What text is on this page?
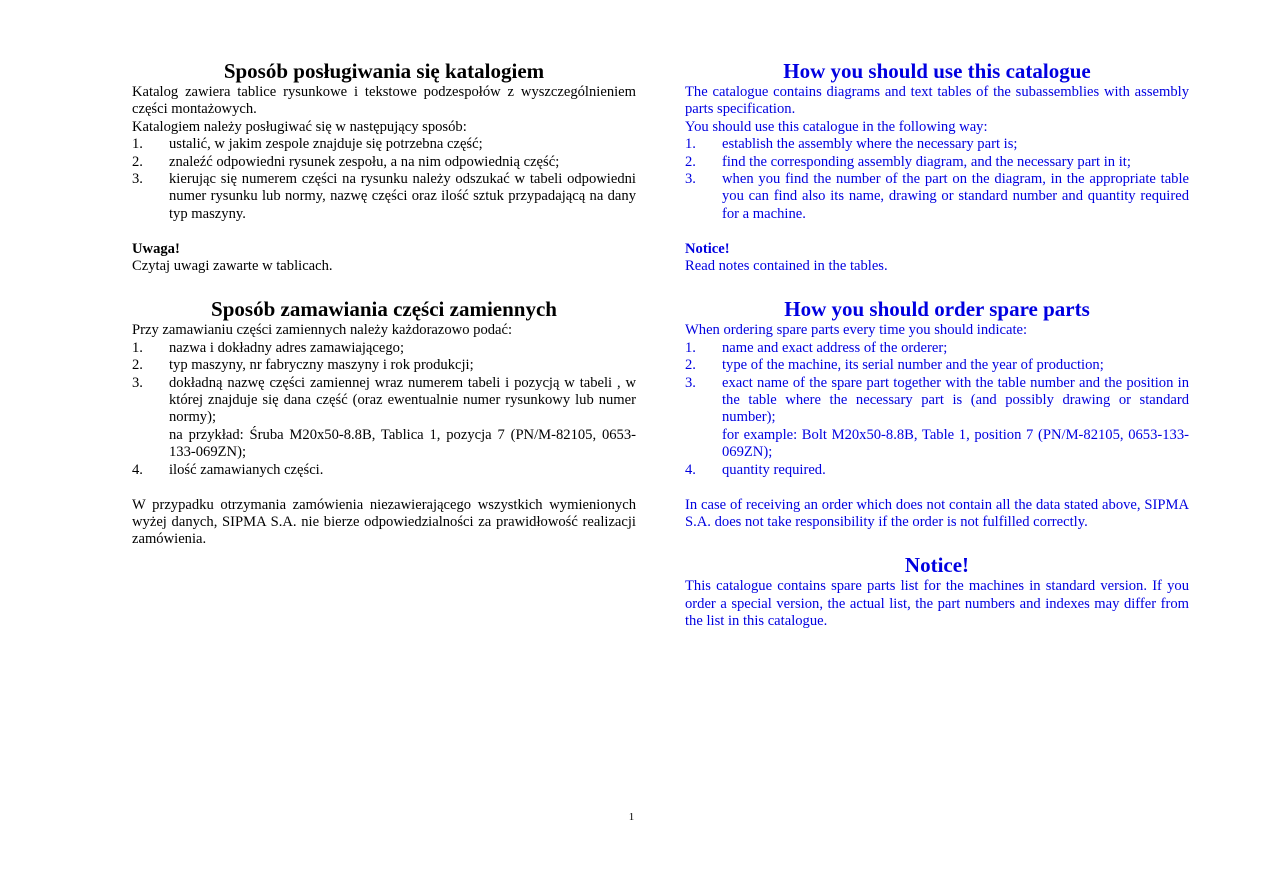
Sposób posługiwania się katalogiem

Katalog zawiera tablice rysunkowe i tekstowe podzespołów z wyszczególnieniem części montażowych.

Katalogiem należy posługiwać się w następujący sposób:

1. ustalić, w jakim zespole znajduje się potrzebna część;
2. znaleźć odpowiedni rysunek zespołu, a na nim odpowiednią część;
3. kierując się numerem części na rysunku należy odszukać w tabeli odpowiedni numer rysunku lub normy, nazwę części oraz ilość sztuk przypadającą na dany typ maszyny.

Uwaga!

Czytaj uwagi zawarte w tablicach.

Sposób zamawiania części zamiennych

Przy zamawianiu części zamiennych należy każdorazowo podać:

1. nazwa i dokładny adres zamawiającego;
2. typ maszyny, nr fabryczny maszyny i rok produkcji;
3. dokładną nazwę części zamiennej wraz numerem tabeli i pozycją w tabeli , w której znajduje się dana część (oraz ewentualnie numer rysunkowy lub numer normy);
na przykład: Śruba M20x50-8.8B, Tablica 1, pozycja 7 (PN/M-82105, 0653-133-069ZN);
4. ilość zamawianych części.

W przypadku otrzymania zamówienia niezawierającego wszystkich wymienionych wyżej danych, SIPMA S.A. nie bierze odpowiedzialności za prawidłowość realizacji zamówienia.

How you should use this catalogue

The catalogue contains diagrams and text tables of the subassemblies with assembly parts specification.

You should use this catalogue in the following way:

1. establish the assembly where the necessary part is;
2. find the corresponding assembly diagram, and the necessary part in it;
3. when you find the number of the part on the diagram, in the appropriate table you can find also its name, drawing or standard number and quantity required for a machine.

Notice!

Read notes contained in the tables.

How you should order spare parts

When ordering spare parts every time you should indicate:

1. name and exact address of the orderer;
2. type of the machine, its serial number and the year of production;
3. exact name of the spare part together with the table number and the position in the table where the necessary part is (and possibly drawing or standard number);
for example: Bolt M20x50-8.8B, Table 1, position 7 (PN/M-82105, 0653-133-069ZN);
4. quantity required.

In case of receiving an order which does not contain all the data stated above, SIPMA S.A. does not take responsibility if the order is not fulfilled correctly.

Notice!

This catalogue contains spare parts list for the machines in standard version. If you order a special version, the actual list, the part numbers and indexes may differ from the list in this catalogue.

1
